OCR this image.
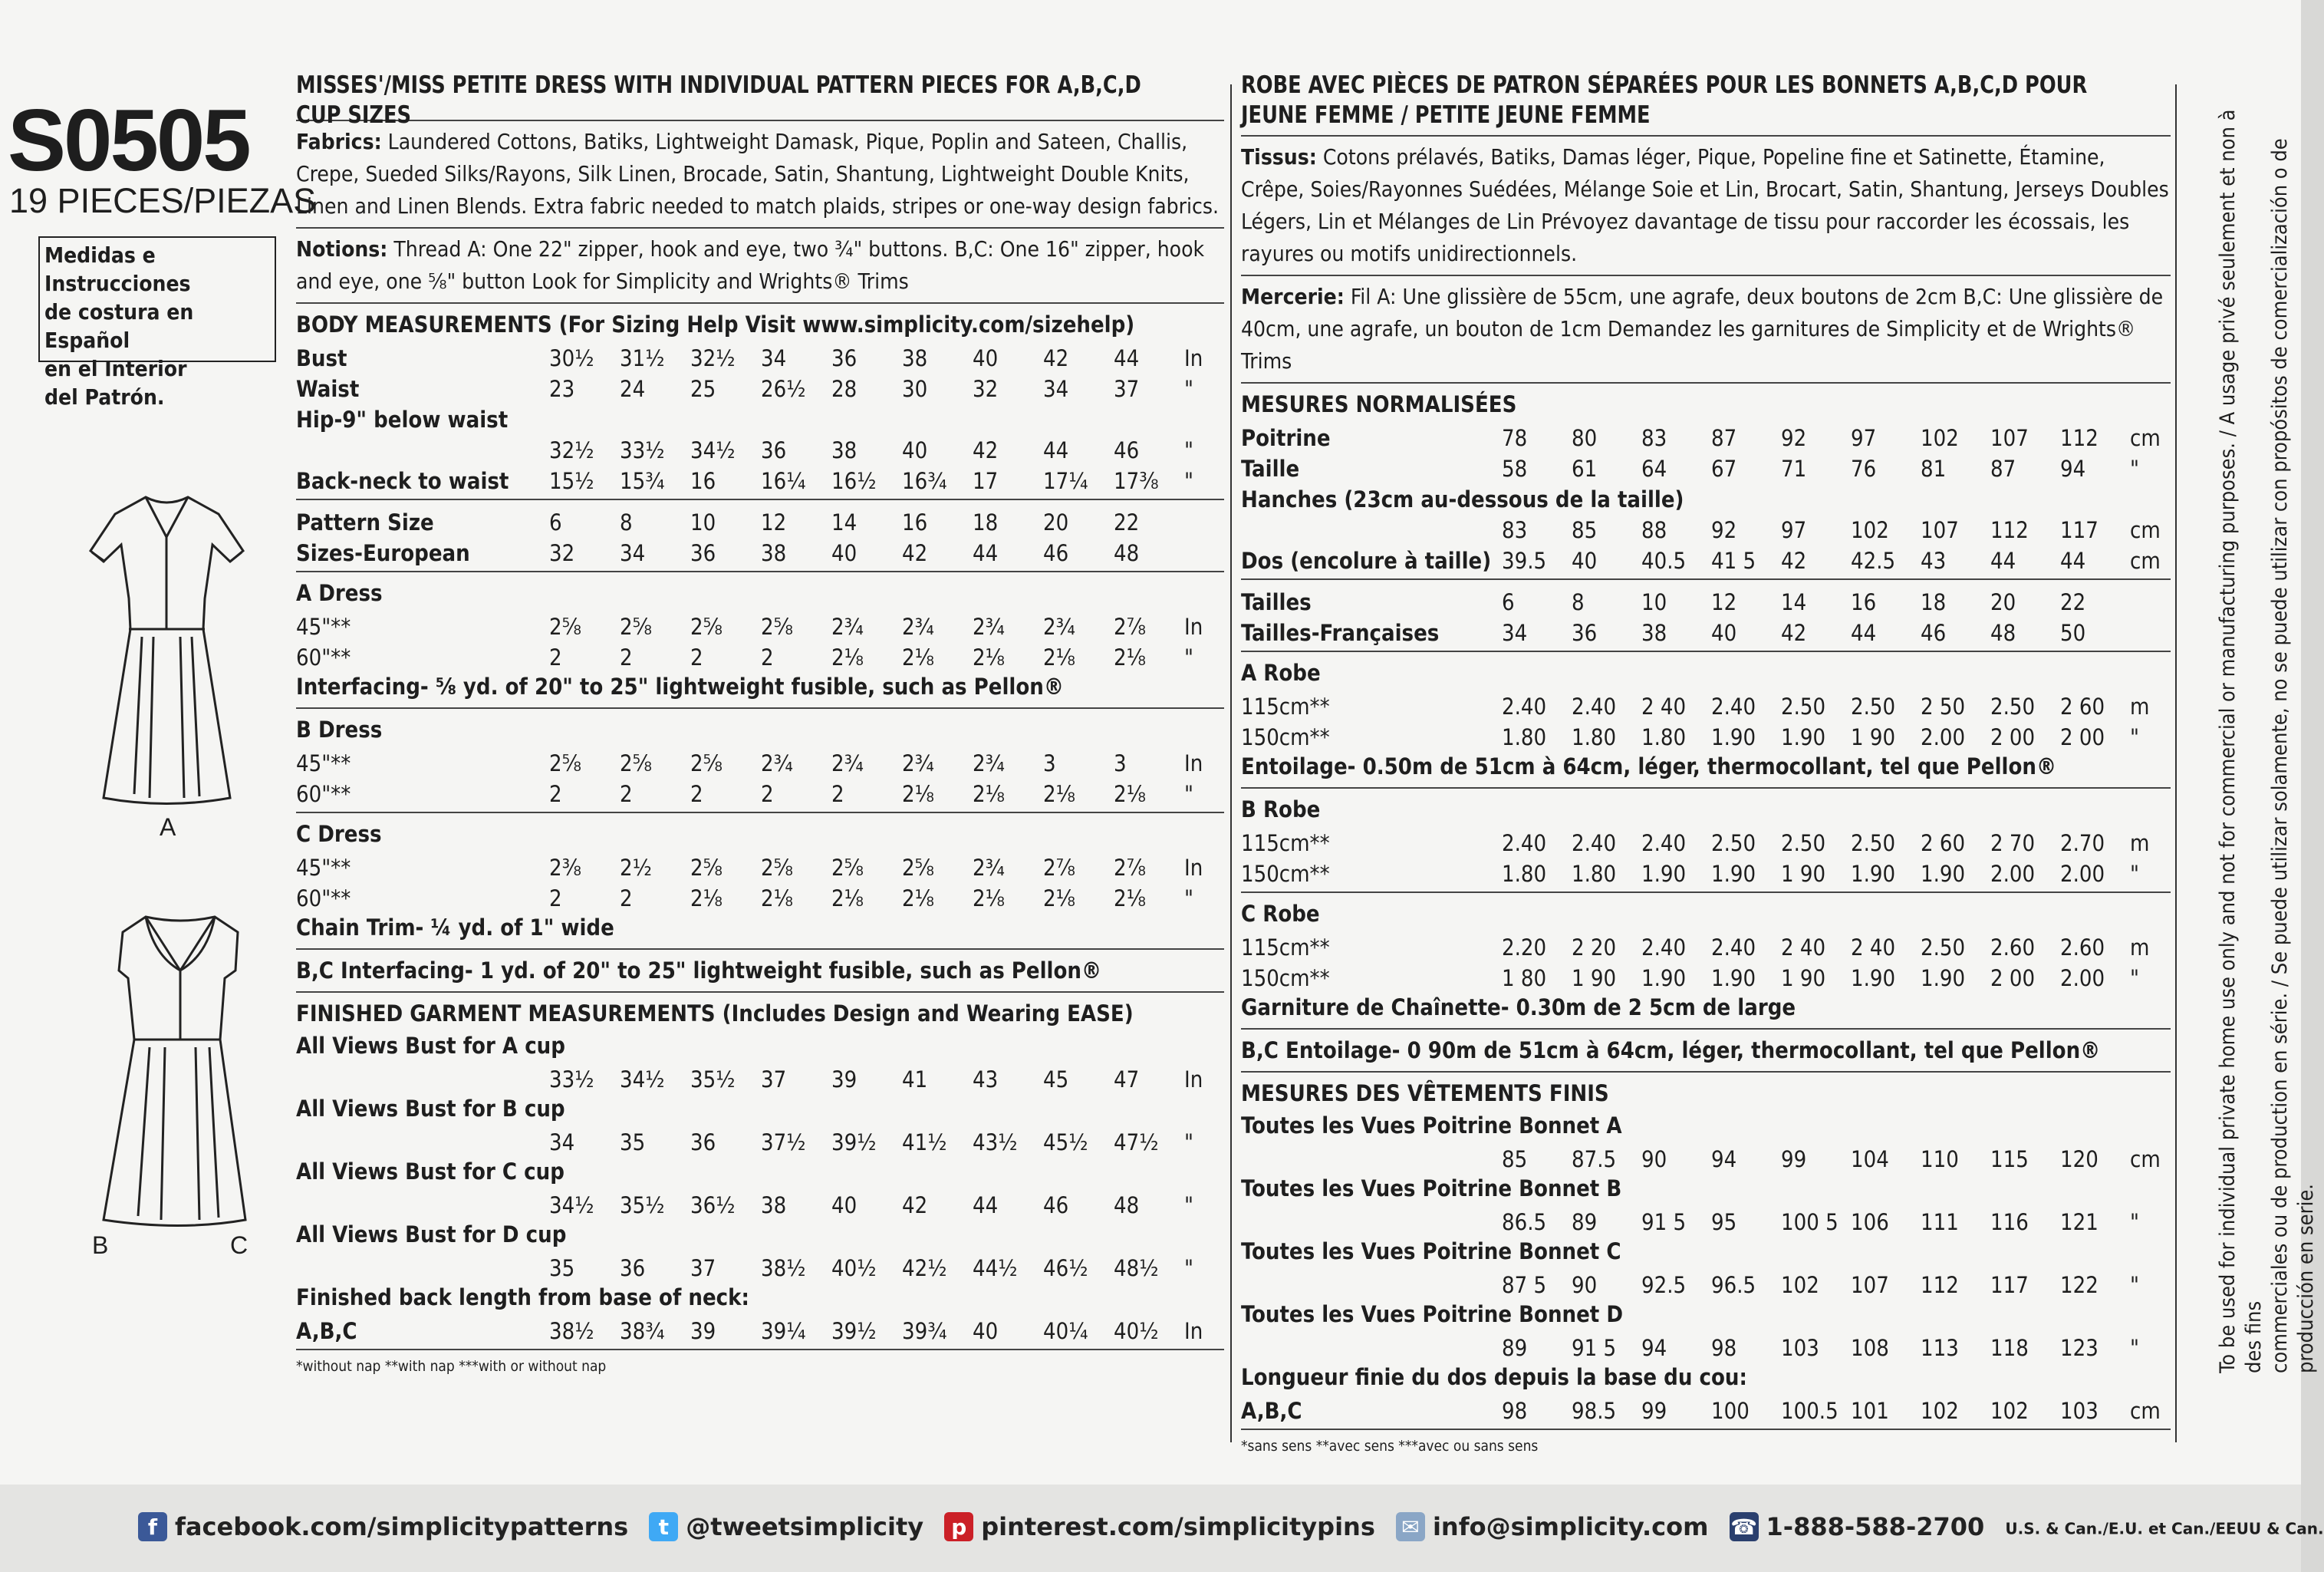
S0505
19 PIECES/PIEZAS
Medidas e Instrucciones
de costura en Español
en el Interior
del Patrón.
A
B	C
MISSES'/MISS PETITE DRESS WITH INDIVIDUAL PATTERN PIECES FOR A,B,C,D CUP SIZES
Fabrics: Laundered Cottons, Batiks, Lightweight Damask, Pique, Poplin and Sateen, Challis, Crepe, Sueded Silks/Rayons, Silk Linen, Brocade, Satin, Shantung, Lightweight Double Knits, Linen and Linen Blends. Extra fabric needed to match plaids, stripes or one-way design fabrics.
Notions: Thread A: One 22" zipper, hook and eye, two ¾" buttons. B,C: One 16" zipper, hook and eye, one ⅝" button Look for Simplicity and Wrights® Trims
BODY MEASUREMENTS (For Sizing Help Visit www.simplicity.com/sizehelp)
Bust	30½	31½	32½	34	36	38	40	42	44	In
Waist	23	24	25	26½	28	30	32	34	37	"
Hip-9" below waist
32½	33½	34½	36	38	40	42	44	46	"
Back-neck to waist	15½	15¾	16	16¼	16½	16¾	17	17¼	17⅜	"
Pattern Size	6	8	10	12	14	16	18	20	22
Sizes-European	32	34	36	38	40	42	44	46	48
A Dress
45"**	2⅝	2⅝	2⅝	2⅝	2¾	2¾	2¾	2¾	2⅞	In
60"**	2	2	2	2	2⅛	2⅛	2⅛	2⅛	2⅛	"
Interfacing- ⅝ yd. of 20" to 25" lightweight fusible, such as Pellon®
B Dress
45"**	2⅝	2⅝	2⅝	2¾	2¾	2¾	2¾	3	3	In
60"**	2	2	2	2	2	2⅛	2⅛	2⅛	2⅛	"
C Dress
45"**	2⅜	2½	2⅝	2⅝	2⅝	2⅝	2¾	2⅞	2⅞	In
60"**	2	2	2⅛	2⅛	2⅛	2⅛	2⅛	2⅛	2⅛	"
Chain Trim- ¼ yd. of 1" wide
B,C Interfacing- 1 yd. of 20" to 25" lightweight fusible, such as Pellon®
FINISHED GARMENT MEASUREMENTS (Includes Design and Wearing EASE)
All Views Bust for A cup
33½	34½	35½	37	39	41	43	45	47	In
All Views Bust for B cup
34	35	36	37½	39½	41½	43½	45½	47½	"
All Views Bust for C cup
34½	35½	36½	38	40	42	44	46	48	"
All Views Bust for D cup
35	36	37	38½	40½	42½	44½	46½	48½	"
Finished back length from base of neck:
A,B,C	38½	38¾	39	39¼	39½	39¾	40	40¼	40½	In
*without nap **with nap ***with or without nap
ROBE AVEC PIÈCES DE PATRON SÉPARÉES POUR LES BONNETS A,B,C,D POUR
JEUNE FEMME / PETITE JEUNE FEMME
Tissus: Cotons prélavés, Batiks, Damas léger, Pique, Popeline fine et Satinette, Étamine, Crêpe, Soies/Rayonnes Suédées, Mélange Soie et Lin, Brocart, Satin, Shantung, Jerseys Doubles Légers, Lin et Mélanges de Lin Prévoyez davantage de tissu pour raccorder les écossais, les rayures ou motifs unidirectionnels.
Mercerie: Fil A: Une glissière de 55cm, une agrafe, deux boutons de 2cm B,C: Une glissière de 40cm, une agrafe, un bouton de 1cm Demandez les garnitures de Simplicity et de Wrights® Trims
MESURES NORMALISÉES
Poitrine	78	80	83	87	92	97	102	107	112	cm
Taille	58	61	64	67	71	76	81	87	94	"
Hanches (23cm au-dessous de la taille)
83	85	88	92	97	102	107	112	117	cm
Dos (encolure à taille) 39.5	40	40.5	41 5	42	42.5	43	44	44	cm
Tailles	6	8	10	12	14	16	18	20	22
Tailles-Françaises	34	36	38	40	42	44	46	48	50
A Robe
115cm**	2.40	2.40	2 40	2.40	2.50	2.50	2 50	2.50	2 60	m
150cm**	1.80	1.80	1.80	1.90	1.90	1 90	2.00	2 00	2 00	"
Entoilage- 0.50m de 51cm à 64cm, léger, thermocollant, tel que Pellon®
B Robe
115cm**	2.40	2.40	2.40	2.50	2.50	2.50	2 60	2 70	2.70	m
150cm**	1.80	1.80	1.90	1.90	1 90	1.90	1.90	2.00	2.00	"
C Robe
115cm**	2.20	2 20	2.40	2.40	2 40	2 40	2.50	2.60	2.60	m
150cm**	1 80	1 90	1.90	1.90	1 90	1.90	1.90	2 00	2.00	"
Garniture de Chaînette- 0.30m de 2 5cm de large
B,C Entoilage- 0 90m de 51cm à 64cm, léger, thermocollant, tel que Pellon®
MESURES DES VÊTEMENTS FINIS
Toutes les Vues Poitrine Bonnet A
85	87.5	90	94	99	104	110	115	120	cm
Toutes les Vues Poitrine Bonnet B
86.5	89	91 5	95	100 5 106	111	116	121	"
Toutes les Vues Poitrine Bonnet C
87 5	90	92.5	96.5	102	107	112	117	122	"
Toutes les Vues Poitrine Bonnet D
89	91 5	94	98	103	108	113	118	123	"
Longueur finie du dos depuis la base du cou:
A,B,C	98	98.5	99	100	100.5 101	102	102	103	cm
*sans sens **avec sens ***avec ou sans sens
To be used for individual private home use only and not for commercial or manufacturing purposes. / A usage privé seulement et non à des fins commerciales ou de production en série. / Se puede utilizar solamente, no se puede utilizar con propósitos de comercialización o de producción en serie.
f facebook.com/simplicitypatterns
	t @tweetsimplicity
	p pinterest.com/simplicitypins
✉ info@simplicity.com
☎ 1-888-588-2700 U.S. & Can./E.U. et Can./EEUU & Can.
